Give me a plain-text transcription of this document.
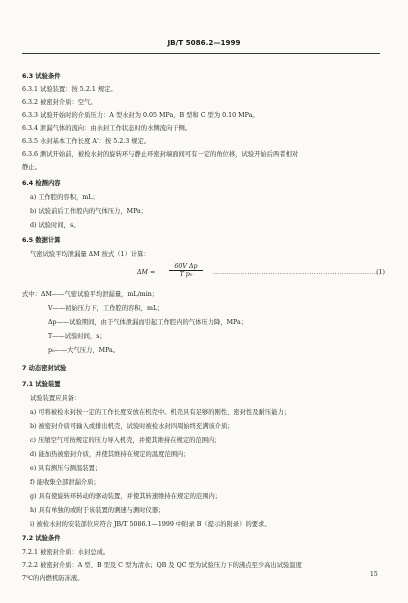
JB/T 5086.2—1999
6.3 试验条件
6.3.1 试验装置：按 5.2.1 规定。
6.3.2 被密封介质：空气。
6.3.3 试验开始时的介质压力：A 型水封为 0.05 MPa，B 型和 C 型为 0.10 MPa。
6.3.4 泄漏气体的流向：由水封工作状态时的水侧流向干侧。
6.3.5 水封基本工作长度 A'：按 5.2.3 规定。
6.3.6 测试开始前，被检水封的旋转环与静止环密封端面间可有一定的角位移，试验开始后两者相对
静止。
6.4 检测内容
a) 工作腔的容积，mL；
b) 试验前后工作腔内的气体压力，MPa；
d) 试验时间，s。
6.5 数据计算
气密试验平均泄漏量 ΔM 按式（1）计算：
$\Delta M = \frac{\text{60V Δp}}{\text{T p₀}}$ ………………………………………………………………
(1)
式中：ΔM——气密试验平均泄漏量，mL/min；
V——初始压力下，工作腔的容积，mL；
Δp——试验期间，由于气体泄漏而引起工作腔内的气体压力降，MPa；
T——试验时间，s；
p₀——大气压力，MPa。
7 动态密封试验
7.1 试验装置
试验装置应具备：
a) 可将被检水封按一定的工作长度安放在机壳中。机壳具有足够的刚性、密封性及耐压能力；
b) 被密封介质可输入或排出机壳，试验时被检水封四周始终充满该介质；
c) 压缩空气可按规定的压力导入机壳，并使其维持在规定的范围内；
d) 能加热被密封介质，并使其维持在规定的温度范围内；
e) 具有测压与测温装置；
f) 能收集全部泄漏介质；
g) 具有使旋转环转动的驱动装置，并使其转速维持在规定的范围内；
h) 具有单独的或附于该装置的测速与测时仪器；
i) 被检水封的安装部位应符合 JB/T 5086.1—1999 中附录 B（提示的附录）的要求。
7.2 试验条件
7.2.1 被密封介质：水封总成。
7.2.2 被密封介质：A 型、B 型及 C 型为清水；QB 及 QC 型为试验压力下的沸点至少高出试验温度
7℃的内燃机防冻液。
15
